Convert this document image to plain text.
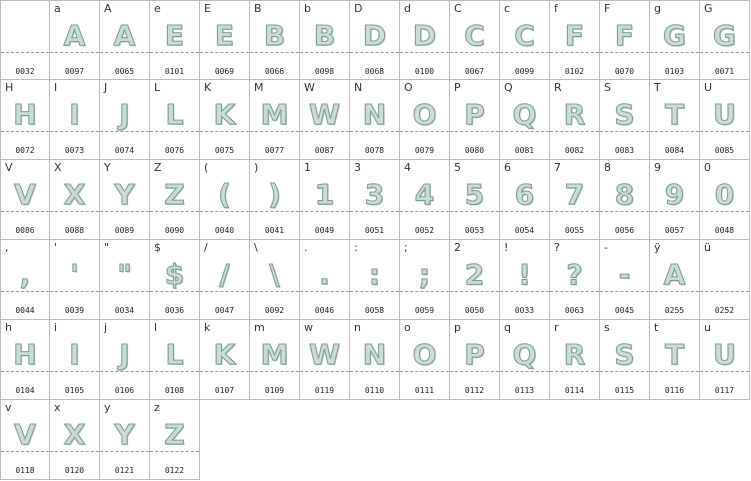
0032
a
A
0097
A
A
0065
e
E
0101
E
E
0069
B
B
0066
b
B
0098
D
D
0068
d
D
0100
C
C
0067
c
C
0099
f
F
0102
F
F
0070
g
G
0103
G
G
0071
H
H
0072
I
I
0073
J
J
0074
L
L
0076
K
K
0075
M
M
0077
W
W
0087
N
N
0078
O
O
0079
P
P
0080
Q
Q
0081
R
R
0082
S
S
0083
T
T
0084
U
U
0085
V
V
0086
X
X
0088
Y
Y
0089
Z
Z
0090
(
(
0040
)
)
0041
1
1
0049
3
3
0051
4
4
0052
5
5
0053
6
6
0054
7
7
0055
8
8
0056
9
9
0057
0
0
0048
,
,
0044
'
'
0039
"
"
0034
$
$
0036
/
/
0047
\
\
0092
.
.
0046
:
:
0058
;
;
0059
2
2
0050
!
!
0033
?
?
0063
-
-
0045
ÿ
A
0255
ü
0252
h
H
0104
i
I
0105
j
J
0106
l
L
0108
k
K
0107
m
M
0109
w
W
0119
n
N
0110
o
O
0111
p
P
0112
q
Q
0113
r
R
0114
s
S
0115
t
T
0116
u
U
0117
v
V
0118
x
X
0120
y
Y
0121
z
Z
0122
